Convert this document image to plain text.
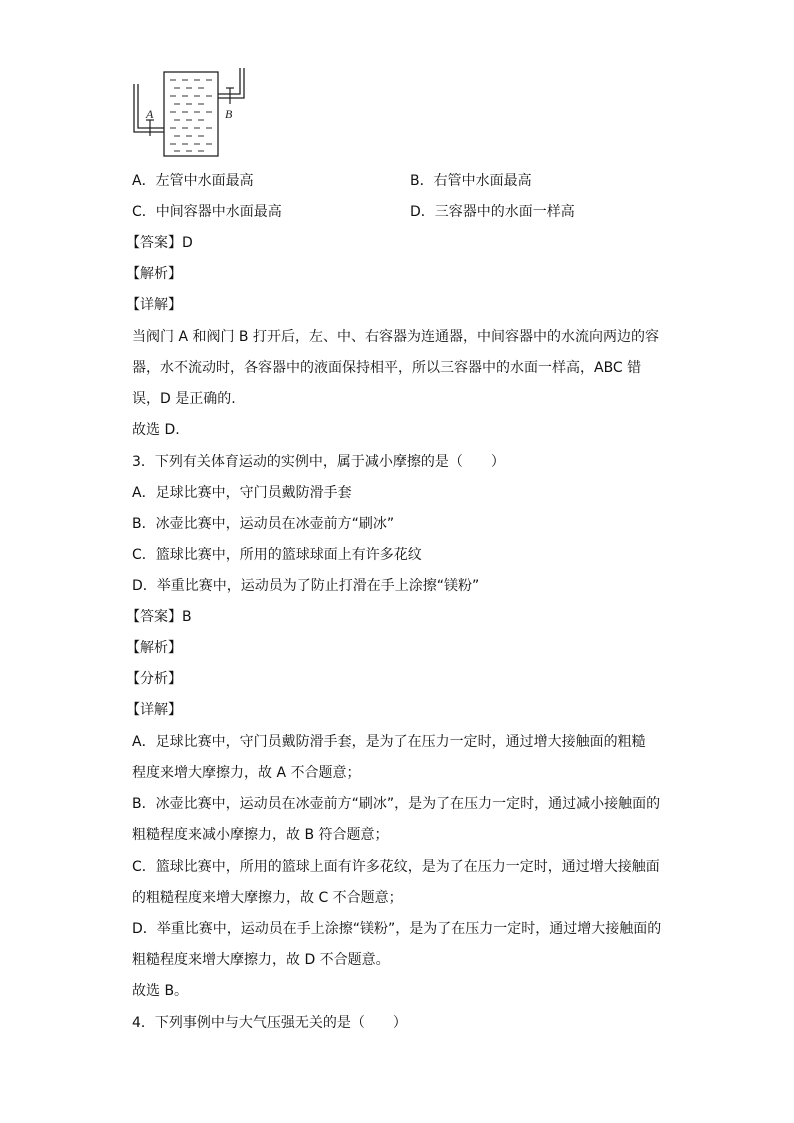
A	B
A．左管中水面最高	B．右管中水面最高
C．中间容器中水面最高	D．三容器中的水面一样高
【答案】D
【解析】
【详解】
当阀门 A 和阀门 B 打开后，左、中、右容器为连通器，中间容器中的水流向两边的容
器，水不流动时，各容器中的液面保持相平，所以三容器中的水面一样高，ABC 错
误，D 是正确的.
故选 D.
3．下列有关体育运动的实例中，属于减小摩擦的是（　　）
A．足球比赛中，守门员戴防滑手套
B．冰壶比赛中，运动员在冰壶前方“刷冰”
C．篮球比赛中，所用的篮球球面上有许多花纹
D．举重比赛中，运动员为了防止打滑在手上涂擦“镁粉”
【答案】B
【解析】
【分析】
【详解】
A．足球比赛中，守门员戴防滑手套，是为了在压力一定时，通过增大接触面的粗糙
程度来增大摩擦力，故 A 不合题意；
B．冰壶比赛中，运动员在冰壶前方“刷冰”，是为了在压力一定时，通过减小接触面的
粗糙程度来减小摩擦力，故 B 符合题意；
C．篮球比赛中，所用的篮球上面有许多花纹，是为了在压力一定时，通过增大接触面
的粗糙程度来增大摩擦力，故 C 不合题意；
D．举重比赛中，运动员在手上涂擦“镁粉”，是为了在压力一定时，通过增大接触面的
粗糙程度来增大摩擦力，故 D 不合题意。
故选 B。
4．下列事例中与大气压强无关的是（　　）
